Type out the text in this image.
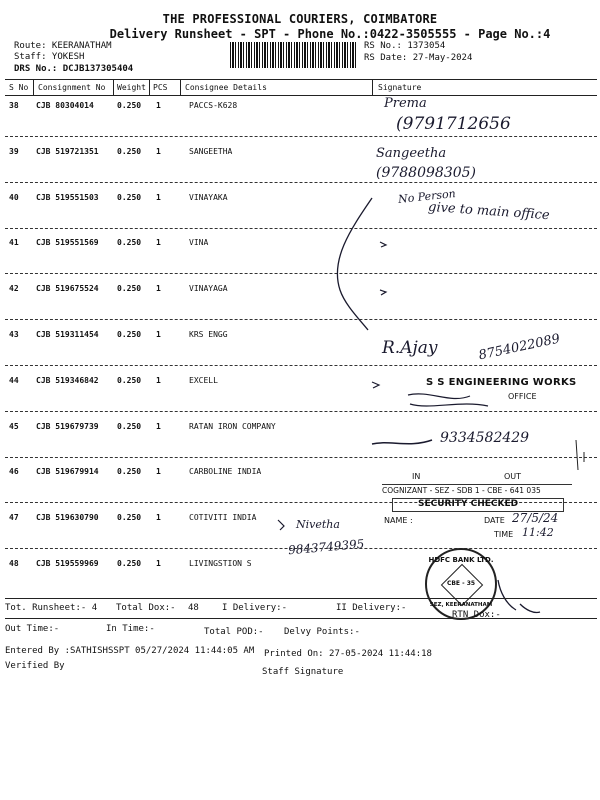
THE PROFESSIONAL COURIERS, COIMBATORE
Delivery Runsheet - SPT - Phone No.:0422-3505555 - Page No.:4
Route: KEERANATHAM
Staff: YOKESH
DRS No.: DCJB137305404
RS No.: 1373054
RS Date: 27-May-2024
S No Consignment No Weight PCS Consignee Details	Signature
38 CJB 80304014	0.250 1	PACCS-K628
39 CJB 519721351 0.250 1	SANGEETHA
40 CJB 519551503 0.250 1	VINAYAKA
41 CJB 519551569 0.250 1	VINA
42 CJB 519675524 0.250 1	VINAYAGA
43 CJB 519311454 0.250 1	KRS ENGG
44 CJB 519346842 0.250 1	EXCELL
45 CJB 519679739 0.250 1	RATAN IRON COMPANY
46 CJB 519679914 0.250 1	CARBOLINE INDIA
47 CJB 519630790 0.250 1	COTIVITI INDIA
48 CJB 519559969 0.250 1	LIVINGSTION S
Prema
(9791712656
Sangeetha
(9788098305)
No Person
give to main office
R.Ajay	8754022089
9334582429
Nivetha
9843749395
S S ENGINEERING WORKS
OFFICE
IN	OUT
COGNIZANT - SEZ - SDB 1 - CBE - 641 035
SECURITY CHECKED
NAME :	DATE 27/5/24
TIME 11:42
HDFC BANK LTD.
CBE - 35
SEZ, KEERANATHAM
Tot. Runsheet:- 4 Total Dox:- 48	I Delivery:-	II Delivery:-
RTN Dox:-
Out Time:-	In Time:-	Total POD:- Delvy Points:-
Entered By :SATHISHSSPT 05/27/2024 11:44:05 AM Printed On: 27-05-2024 11:44:18
Verified By
Staff Signature
